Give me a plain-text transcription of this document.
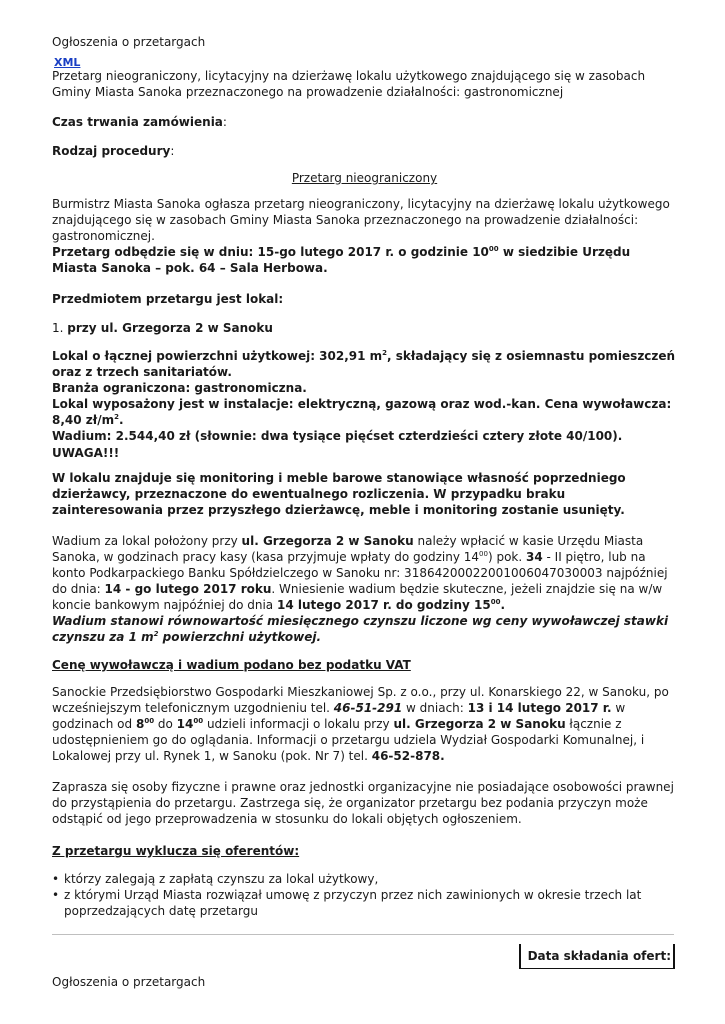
Ogłoszenia o przetargach
XML
Przetarg nieograniczony, licytacyjny na dzierżawę lokalu użytkowego znajdującego się w zasobach Gminy Miasta Sanoka przeznaczonego na prowadzenie działalności: gastronomicznej
Czas trwania zamówienia:
Rodzaj procedury:
Przetarg nieograniczony
Burmistrz Miasta Sanoka ogłasza przetarg nieograniczony, licytacyjny na dzierżawę lokalu użytkowego znajdującego się w zasobach Gminy Miasta Sanoka przeznaczonego na prowadzenie działalności: gastronomicznej.
Przetarg odbędzie się w dniu: 15-go lutego 2017 r. o godzinie $10^{00}$ w siedzibie Urzędu Miasta Sanoka – pok. 64 – Sala Herbowa.
Przedmiotem przetargu jest lokal:
1. przy ul. Grzegorza 2 w Sanoku
Lokal o łącznej powierzchni użytkowej: 302,91 $m^2$, składający się z osiemnastu pomieszczeń oraz z trzech sanitariatów.
Branża ograniczona: gastronomiczna.
Lokal wyposażony jest w instalacje: elektryczną, gazową oraz wod.-kan. Cena wywoławcza: 8,40 $zł/m^2$.
Wadium: 2.544,40 zł (słownie: dwa tysiące pięćset czterdzieści cztery złote 40/100).
UWAGA!!!
W lokalu znajduje się monitoring i meble barowe stanowiące własność poprzedniego dzierżawcy, przeznaczone do ewentualnego rozliczenia. W przypadku braku zainteresowania przez przyszłego dzierżawcę, meble i monitoring zostanie usunięty.
Wadium za lokal położony przy ul. Grzegorza 2 w Sanoku należy wpłacić w kasie Urzędu Miasta Sanoka, w godzinach pracy kasy (kasa przyjmuje wpłaty do godziny $14^{00}$) pok. 34 - II piętro, lub na konto Podkarpackiego Banku Spółdzielczego w Sanoku nr: 31864200022001006047030003 najpóźniej do dnia: 14 - go lutego 2017 roku. Wniesienie wadium będzie skuteczne, jeżeli znajdzie się na w/w koncie bankowym najpóźniej do dnia 14 lutego 2017 r. do godziny $15^{00}$.
Wadium stanowi równowartość miesięcznego czynszu liczone wg ceny wywoławczej stawki czynszu za 1 $m^2$ powierzchni użytkowej.
Cenę wywoławczą i wadium podano bez podatku VAT
Sanockie Przedsiębiorstwo Gospodarki Mieszkaniowej Sp. z o.o., przy ul. Konarskiego 22, w Sanoku, po wcześniejszym telefonicznym uzgodnieniu tel. 46-51-291 w dniach: 13 i 14 lutego 2017 r. w godzinach od $8^{00}$ do $14^{00}$ udzieli informacji o lokalu przy ul. Grzegorza 2 w Sanoku łącznie z udostępnieniem go do oglądania. Informacji o przetargu udziela Wydział Gospodarki Komunalnej, i Lokalowej przy ul. Rynek 1, w Sanoku (pok. Nr 7) tel. 46-52-878.
Zaprasza się osoby fizyczne i prawne oraz jednostki organizacyjne nie posiadające osobowości prawnej do przystąpienia do przetargu. Zastrzega się, że organizator przetargu bez podania przyczyn może odstąpić od jego przeprowadzenia w stosunku do lokali objętych ogłoszeniem.
Z przetargu wyklucza się oferentów:
• którzy zalegają z zapłatą czynszu za lokal użytkowy,
• z którymi Urząd Miasta rozwiązał umowę z przyczyn przez nich zawinionych w okresie trzech lat poprzedzających datę przetargu
Data składania ofert:
Ogłoszenia o przetargach
